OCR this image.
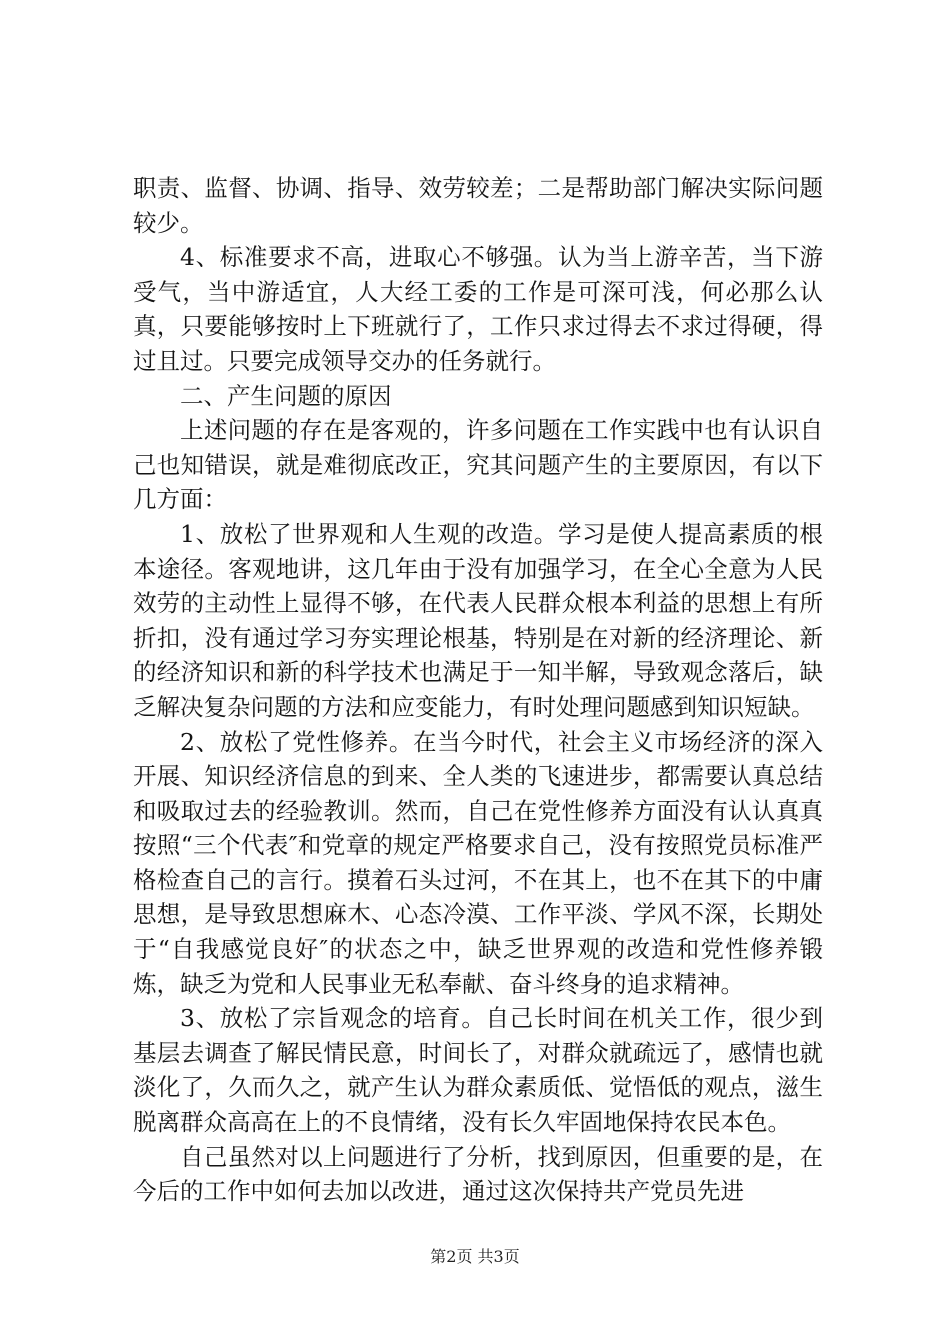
职责、监督、协调、指导、效劳较差；二是帮助部门解决实际问题较少。

4、标准要求不高，进取心不够强。认为当上游辛苦，当下游受气，当中游适宜，人大经工委的工作是可深可浅，何必那么认真，只要能够按时上下班就行了，工作只求过得去不求过得硬，得过且过。只要完成领导交办的任务就行。

二、产生问题的原因

上述问题的存在是客观的，许多问题在工作实践中也有认识自己也知错误，就是难彻底改正，究其问题产生的主要原因，有以下几方面：

1、放松了世界观和人生观的改造。学习是使人提高素质的根本途径。客观地讲，这几年由于没有加强学习，在全心全意为人民效劳的主动性上显得不够，在代表人民群众根本利益的思想上有所折扣，没有通过学习夯实理论根基，特别是在对新的经济理论、新的经济知识和新的科学技术也满足于一知半解，导致观念落后，缺乏解决复杂问题的方法和应变能力，有时处理问题感到知识短缺。

2、放松了党性修养。在当今时代，社会主义市场经济的深入开展、知识经济信息的到来、全人类的飞速进步，都需要认真总结和吸取过去的经验教训。然而，自己在党性修养方面没有认认真真按照“三个代表″和党章的规定严格要求自己，没有按照党员标准严格检查自己的言行。摸着石头过河，不在其上，也不在其下的中庸思想，是导致思想麻木、心态冷漠、工作平淡、学风不深，长期处于“自我感觉良好″的状态之中，缺乏世界观的改造和党性修养锻炼，缺乏为党和人民事业无私奉献、奋斗终身的追求精神。

3、放松了宗旨观念的培育。自己长时间在机关工作，很少到基层去调查了解民情民意，时间长了，对群众就疏远了，感情也就淡化了，久而久之，就产生认为群众素质低、觉悟低的观点，滋生脱离群众高高在上的不良情绪，没有长久牢固地保持农民本色。

自己虽然对以上问题进行了分析，找到原因，但重要的是，在今后的工作中如何去加以改进，通过这次保持共产党员先进

第2页 共3页
